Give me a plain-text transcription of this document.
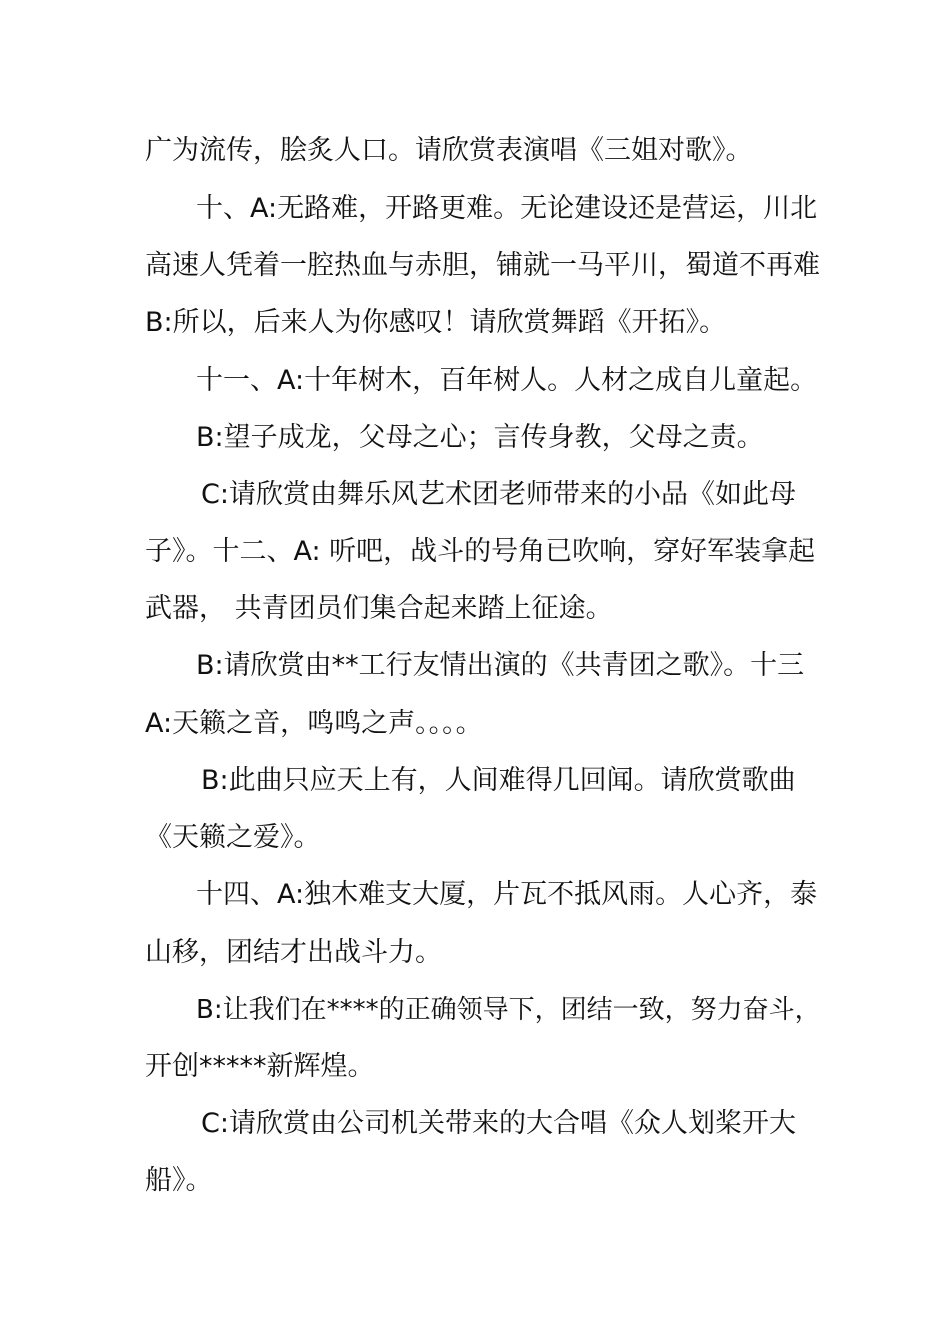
广为流传，脍炙人口。请欣赏表演唱《三姐对歌》。
十、A:无路难，开路更难。无论建设还是营运，川北
高速人凭着一腔热血与赤胆，铺就一马平川，蜀道不再难
B:所以，后来人为你感叹！请欣赏舞蹈《开拓》。
十一、A:十年树木，百年树人。人材之成自儿童起。
B:望子成龙，父母之心；言传身教，父母之责。
C:请欣赏由舞乐风艺术团老师带来的小品《如此母
子》。十二、A: 听吧，战斗的号角已吹响，穿好军装拿起
武器， 共青团员们集合起来踏上征途。
B:请欣赏由**工行友情出演的《共青团之歌》。十三
A:天籁之音，鸣鸣之声。。。。
B:此曲只应天上有，人间难得几回闻。请欣赏歌曲
《天籁之爱》。
十四、A:独木难支大厦，片瓦不抵风雨。人心齐，泰
山移，团结才出战斗力。
B:让我们在****的正确领导下，团结一致，努力奋斗，
开创*****新辉煌。
C:请欣赏由公司机关带来的大合唱《众人划桨开大
船》。
